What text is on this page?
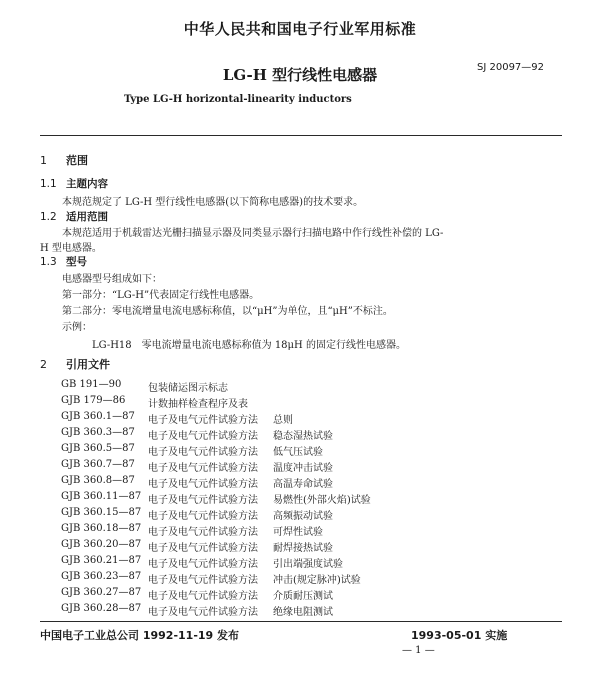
中华人民共和国电子行业军用标准
LG-H 型行线性电感器	SJ 20097—92
Type LG-H horizontal-linearity inductors
1 范围
1.1 主题内容
本规范规定了 LG-H 型行线性电感器(以下简称电感器)的技术要求。
1.2 适用范围
本规范适用于机载雷达光栅扫描显示器及同类显示器行扫描电路中作行线性补偿的 LG-
H 型电感器。
1.3 型号
电感器型号组成如下：
第一部分：“LG-H”代表固定行线性电感器。
第二部分：零电流增量电流电感标称值，以“μH”为单位，且“μH”不标注。
示例：
LG-H18　零电流增量电流电感标称值为 18μH 的固定行线性电感器。
2 引用文件
GB 191—90	包装储运图示标志
GJB 179—86 计数抽样检查程序及表
GJB 360.1—87 电子及电气元件试验方法 总则
GJB 360.3—87 电子及电气元件试验方法 稳态湿热试验
GJB 360.5—87 电子及电气元件试验方法 低气压试验
GJB 360.7—87 电子及电气元件试验方法 温度冲击试验
GJB 360.8—87 电子及电气元件试验方法 高温寿命试验
GJB 360.11—87 电子及电气元件试验方法 易燃性(外部火焰)试验
GJB 360.15—87 电子及电气元件试验方法 高频振动试验
GJB 360.18—87 电子及电气元件试验方法 可焊性试验
GJB 360.20—87 电子及电气元件试验方法 耐焊接热试验
GJB 360.21—87 电子及电气元件试验方法 引出端强度试验
GJB 360.23—87 电子及电气元件试验方法 冲击(规定脉冲)试验
GJB 360.27—87 电子及电气元件试验方法 介质耐压测试
GJB 360.28—87 电子及电气元件试验方法 绝缘电阻测试
中国电子工业总公司 1992-11-19 发布	1993-05-01 实施
— 1 —
